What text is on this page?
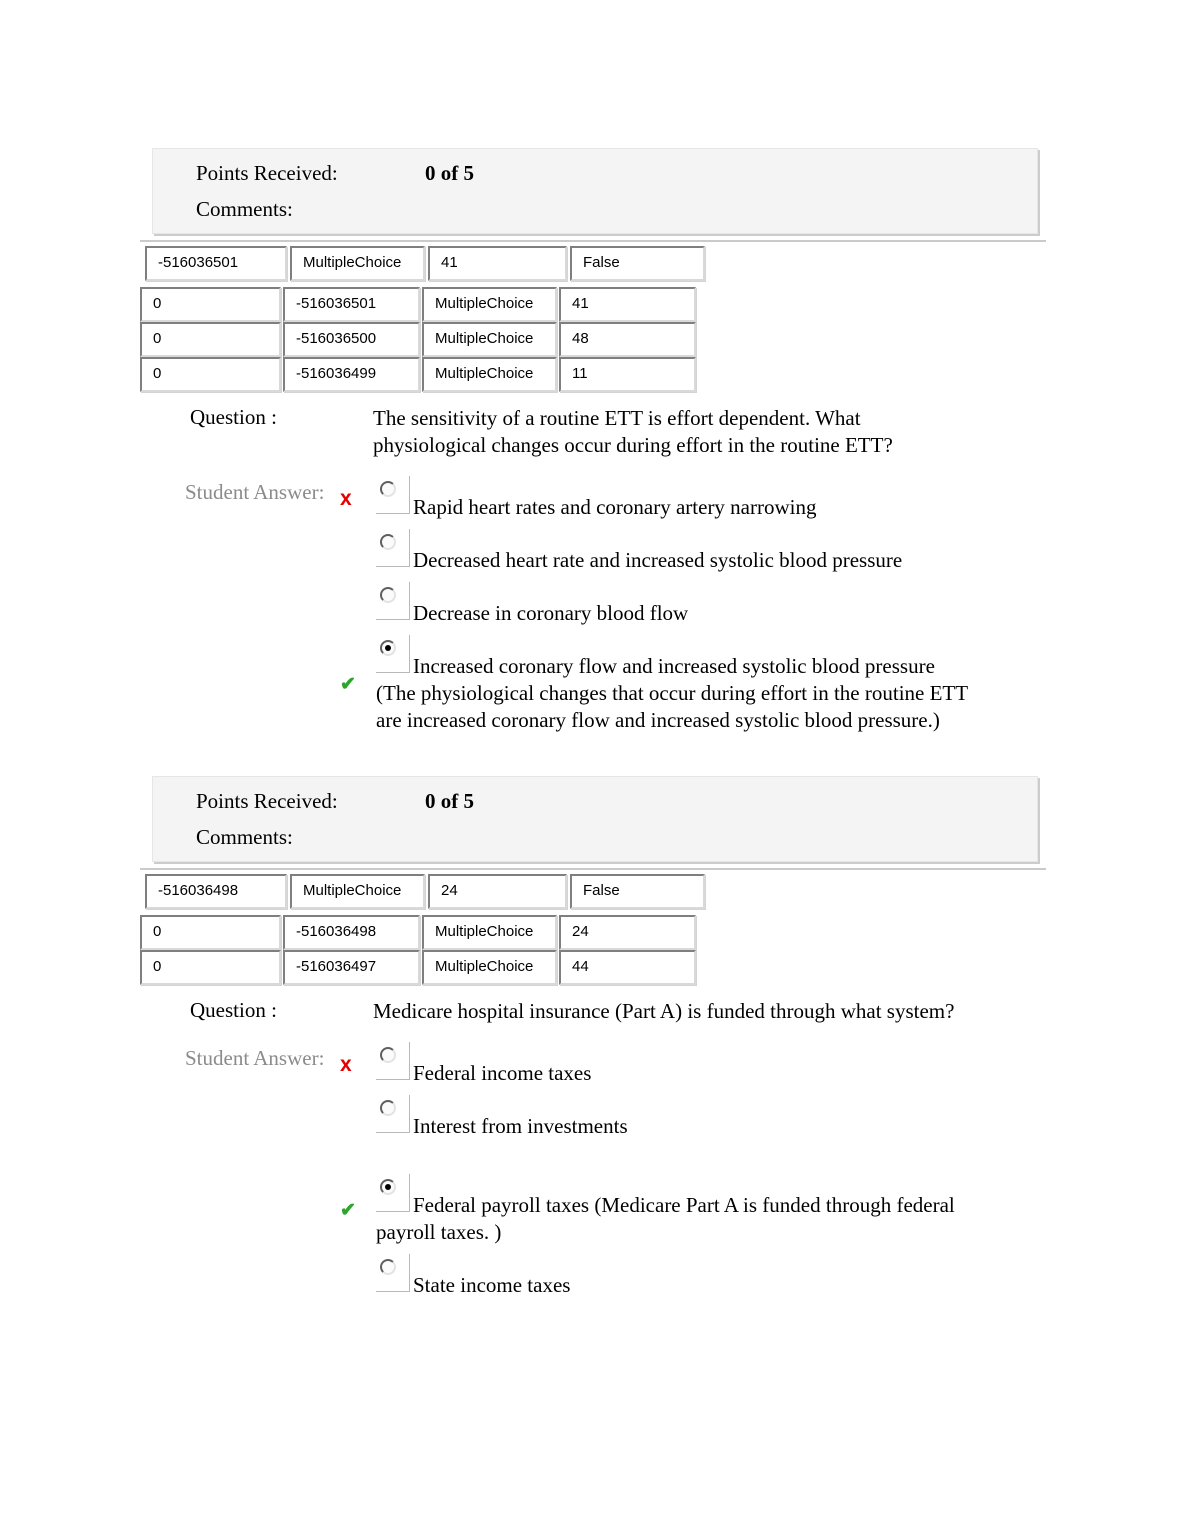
Points Received:	0 of 5
Comments:
-516036501	MultipleChoice	41	False
0	-516036501	MultipleChoice	41
0	-516036500	MultipleChoice	48
0	-516036499	MultipleChoice	11
Question :	The sensitivity of a routine ETT is effort dependent. What physiological changes occur during effort in the routine ETT?
Student Answer: x	Rapid heart rates and coronary artery narrowing
Decreased heart rate and increased systolic blood pressure
Decrease in coronary blood flow
✔
Increased coronary flow and increased systolic blood pressure (The physiological changes that occur during effort in the routine ETT are increased coronary flow and increased systolic blood pressure.)
Points Received:	0 of 5
Comments:
-516036498	MultipleChoice	24	False
0	-516036498	MultipleChoice	24
0	-516036497	MultipleChoice	44
Question :	Medicare hospital insurance (Part A) is funded through what system?
Student Answer: x	Federal income taxes
Interest from investments
✔	Federal payroll taxes (Medicare Part A is funded through federal payroll taxes. )
State income taxes
